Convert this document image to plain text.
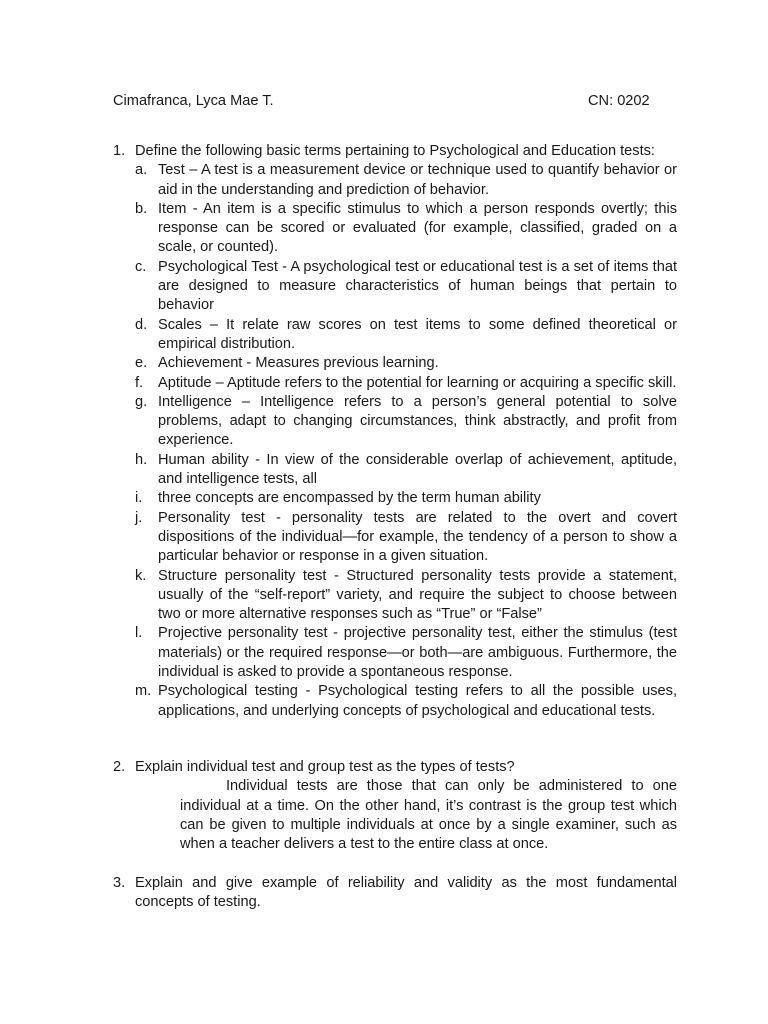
Cimafranca, Lyca Mae T.	CN: 0202
1. Define the following basic terms pertaining to Psychological and Education tests:
a. Test – A test is a measurement device or technique used to quantify behavior or aid in the understanding and prediction of behavior.
b. Item - An item is a specific stimulus to which a person responds overtly; this response can be scored or evaluated (for example, classified, graded on a scale, or counted).
c. Psychological Test - A psychological test or educational test is a set of items that are designed to measure characteristics of human beings that pertain to behavior
d. Scales – It relate raw scores on test items to some defined theoretical or empirical distribution.
e. Achievement - Measures previous learning.
f. Aptitude – Aptitude refers to the potential for learning or acquiring a specific skill.
g. Intelligence – Intelligence refers to a person’s general potential to solve problems, adapt to changing circumstances, think abstractly, and profit from experience.
h. Human ability - In view of the considerable overlap of achievement, aptitude, and intelligence tests, all
i. three concepts are encompassed by the term human ability
j. Personality test - personality tests are related to the overt and covert dispositions of the individual—for example, the tendency of a person to show a particular behavior or response in a given situation.
k. Structure personality test - Structured personality tests provide a statement, usually of the “self-report” variety, and require the subject to choose between two or more alternative responses such as “True” or “False”
l. Projective personality test - projective personality test, either the stimulus (test materials) or the required response—or both—are ambiguous. Furthermore, the individual is asked to provide a spontaneous response.
m. Psychological testing - Psychological testing refers to all the possible uses, applications, and underlying concepts of psychological and educational tests.
2. Explain individual test and group test as the types of tests?
Individual tests are those that can only be administered to one individual at a time. On the other hand, it’s contrast is the group test which can be given to multiple individuals at once by a single examiner, such as when a teacher delivers a test to the entire class at once.
3. Explain and give example of reliability and validity as the most fundamental concepts of testing.
